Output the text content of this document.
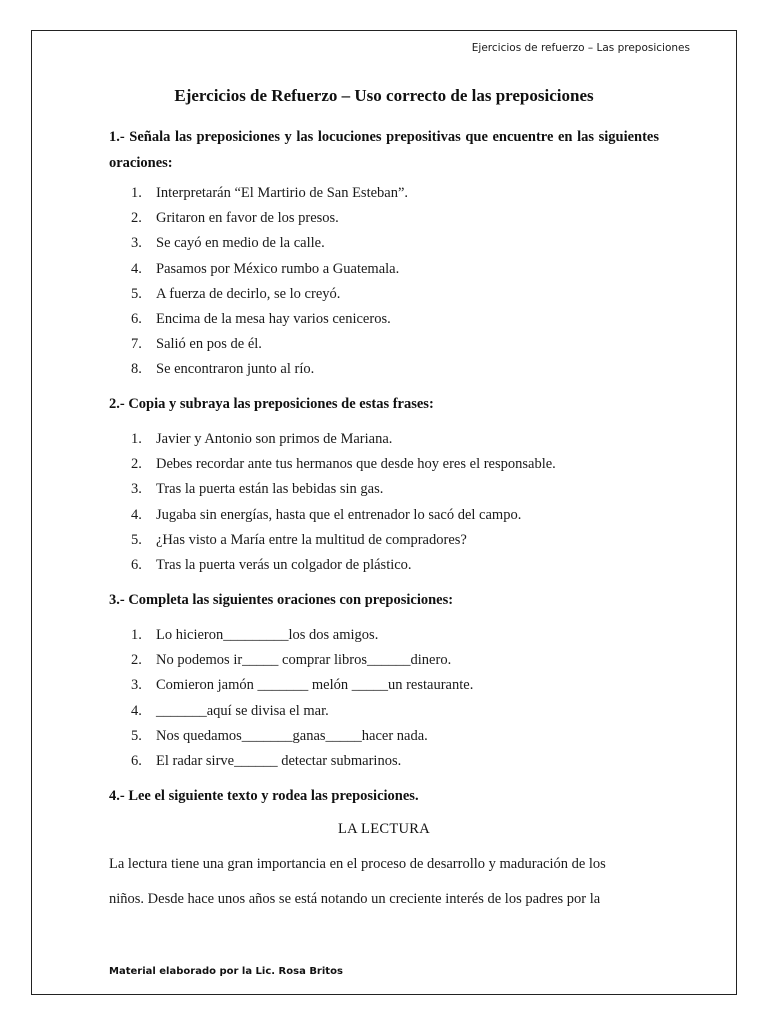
Ejercicios de refuerzo – Las preposiciones
Ejercicios de Refuerzo – Uso correcto de las preposiciones
1.- Señala las preposiciones y las locuciones prepositivas que encuentre en las siguientes oraciones:
1. Interpretarán “El Martirio de San Esteban”.
2. Gritaron en favor de los presos.
3. Se cayó en medio de la calle.
4. Pasamos por México rumbo a Guatemala.
5. A fuerza de decirlo, se lo creyó.
6. Encima de la mesa hay varios ceniceros.
7. Salió en pos de él.
8. Se encontraron junto al río.
2.- Copia y subraya las preposiciones de estas frases:
1. Javier y Antonio son primos de Mariana.
2. Debes recordar ante tus hermanos que desde hoy eres el responsable.
3. Tras la puerta están las bebidas sin gas.
4. Jugaba sin energías, hasta que el entrenador lo sacó del campo.
5. ¿Has visto a María entre la multitud de compradores?
6. Tras la puerta verás un colgador de plástico.
3.- Completa las siguientes oraciones con preposiciones:
1. Lo hicieron_________los dos amigos.
2. No podemos ir_____ comprar libros______dinero.
3. Comieron jamón _______ melón _____un restaurante.
4. _______aquí se divisa el mar.
5. Nos quedamos_______ganas_____hacer nada.
6. El radar sirve______ detectar submarinos.
4.- Lee el siguiente texto y rodea las preposiciones.
LA LECTURA
La lectura tiene una gran importancia en el proceso de desarrollo y maduración de los
niños. Desde hace unos años se está notando un creciente interés de los padres por la
Material elaborado por la Lic. Rosa Britos
